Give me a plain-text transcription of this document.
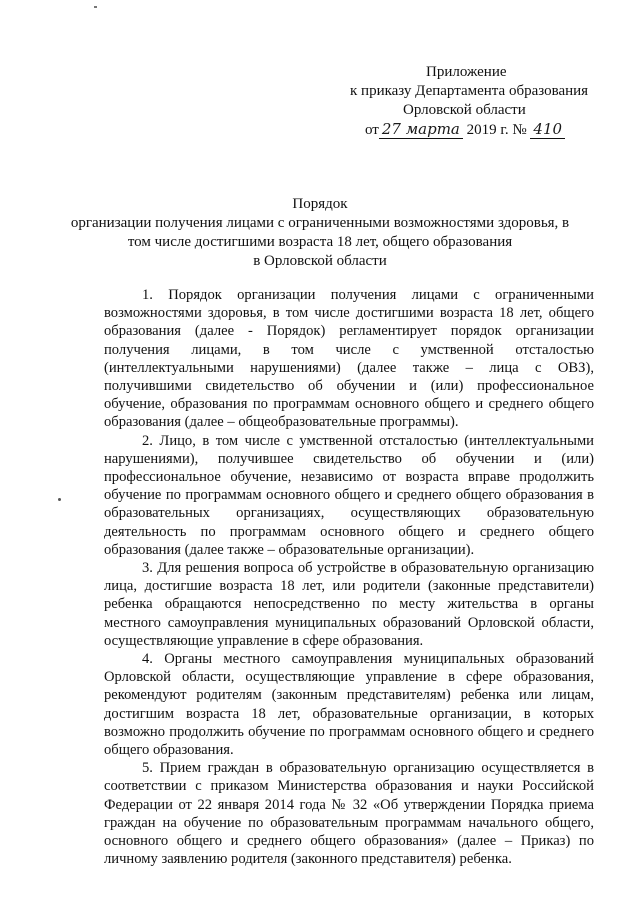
Приложение
к приказу Департамента образования
Орловской области
от 27 марта 2019 г. № 410
Порядок
организации получения лицами с ограниченными возможностями здоровья, в
том числе достигшими возраста 18 лет, общего образования
в Орловской области

1. Порядок организации получения лицами с ограниченными возможностями здоровья, в том числе достигшими возраста 18 лет, общего образования (далее - Порядок) регламентирует порядок организации получения лицами, в том числе с умственной отсталостью (интеллектуальными нарушениями) (далее также – лица с ОВЗ), получившими свидетельство об обучении и (или) профессиональное обучение, образования по программам основного общего и среднего общего образования (далее – общеобразовательные программы).

2. Лицо, в том числе с умственной отсталостью (интеллектуальными нарушениями), получившее свидетельство об обучении и (или) профессиональное обучение, независимо от возраста вправе продолжить обучение по программам основного общего и среднего общего образования в образовательных организациях, осуществляющих образовательную деятельность по программам основного общего и среднего общего образования (далее также – образовательные организации).

3. Для решения вопроса об устройстве в образовательную организацию лица, достигшие возраста 18 лет, или родители (законные представители) ребенка обращаются непосредственно по месту жительства в органы местного самоуправления муниципальных образований Орловской области, осуществляющие управление в сфере образования.

4. Органы местного самоуправления муниципальных образований Орловской области, осуществляющие управление в сфере образования, рекомендуют родителям (законным представителям) ребенка или лицам, достигшим возраста 18 лет, образовательные организации, в которых возможно продолжить обучение по программам основного общего и среднего общего образования.

5. Прием граждан в образовательную организацию осуществляется в соответствии с приказом Министерства образования и науки Российской Федерации от 22 января 2014 года № 32 «Об утверждении Порядка приема граждан на обучение по образовательным программам начального общего, основного общего и среднего общего образования» (далее – Приказ) по личному заявлению родителя (законного представителя) ребенка.
